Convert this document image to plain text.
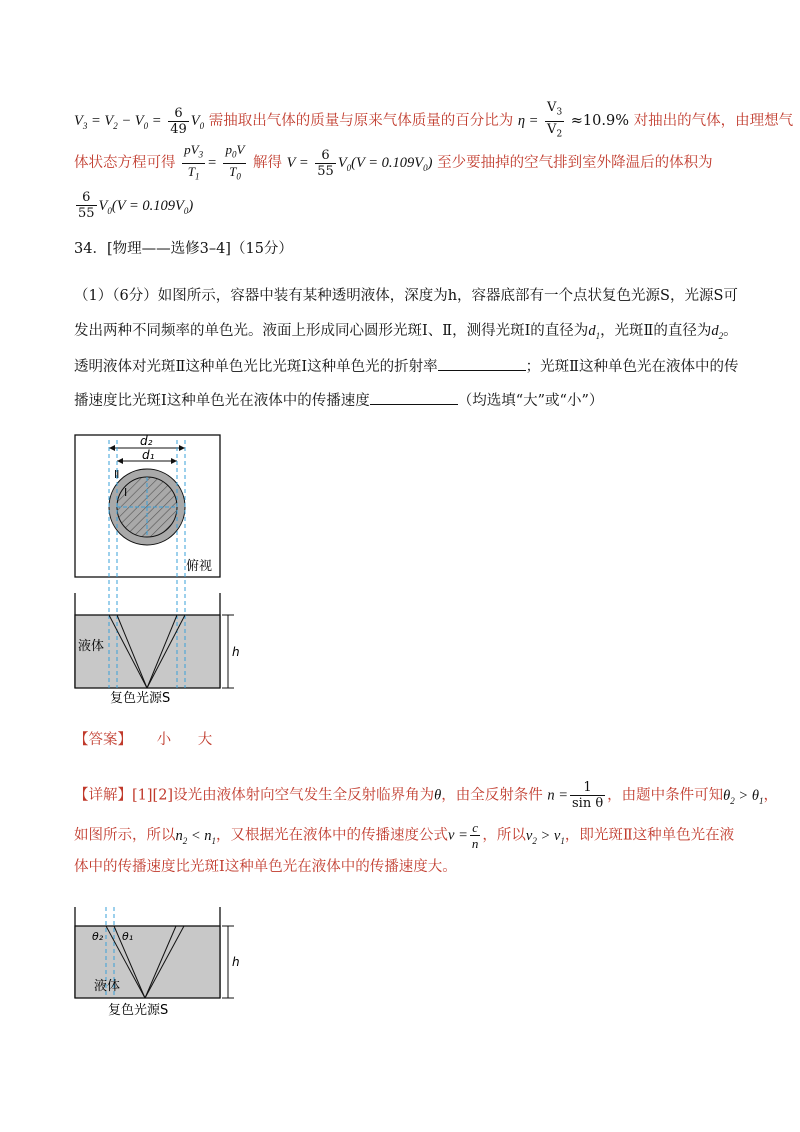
$V_3 = V_2 - V_0 = \frac{6}{49} V_0$ 需抽取出气体的质量与原来气体质量的百分比为 $\eta = \frac{V_3}{V_2} \approx 10.9\%$ 对抽出的气体，由理想气
体状态方程可得 $\frac{pV_3}{T_1} = \frac{p_0V}{T_0}$ 解得 $V = \frac{6}{55} V_0(V = 0.109V_0)$ 至少要抽掉的空气排到室外降温后的体积为
$\frac{6}{55} V_0(V = 0.109V_0)$
34．[物理——选修3–4]（15分）
（1）（6分）如图所示，容器中装有某种透明液体，深度为h，容器底部有一个点状复色光源S，光源S可
发出两种不同频率的单色光。液面上形成同心圆形光斑Ⅰ、Ⅱ，测得光斑Ⅰ的直径为$d_1$，光斑Ⅱ的直径为$d_2$。
透明液体对光斑Ⅱ这种单色光比光斑Ⅰ这种单色光的折射率	；光斑Ⅱ这种单色光在液体中的传
播速度比光斑Ⅰ这种单色光在液体中的传播速度	（均选填“大”或“小”）
d₂
d₁
Ⅱ
Ⅰ
俯视
液体	h
复色光源S
【答案】 小 大
【详解】[1][2]设光由液体射向空气发生全反射临界角为θ，由全反射条件 $n = \frac{1}{\text{sin θ}}$ ，由题中条件可知$\theta_2 > \theta_1$，
如图所示，所以$n_2 < n_1$，又根据光在液体中的传播速度公式$v = \frac{c}{n}$ ，所以$v_2 > v_1$，即光斑Ⅱ这种单色光在液
体中的传播速度比光斑Ⅰ这种单色光在液体中的传播速度大。
θ₂ θ₁
液体
h
复色光源S
